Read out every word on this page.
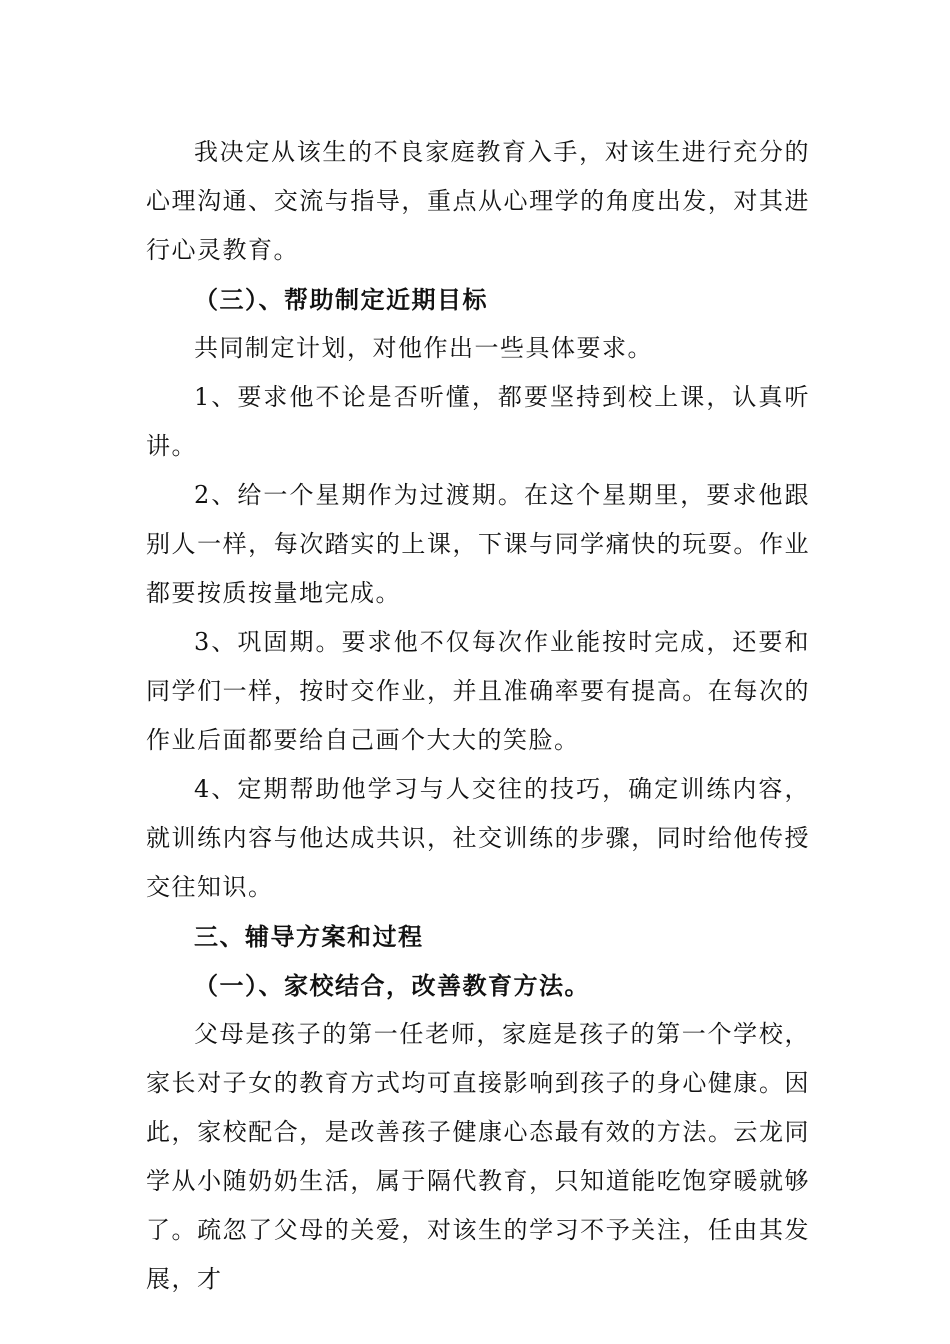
我决定从该生的不良家庭教育入手，对该生进行充分的心理沟通、交流与指导，重点从心理学的角度出发，对其进行心灵教育。

（三）、帮助制定近期目标

共同制定计划，对他作出一些具体要求。

1、要求他不论是否听懂，都要坚持到校上课，认真听讲。

2、给一个星期作为过渡期。在这个星期里，要求他跟别人一样，每次踏实的上课，下课与同学痛快的玩耍。作业都要按质按量地完成。

3、巩固期。要求他不仅每次作业能按时完成，还要和同学们一样，按时交作业，并且准确率要有提高。在每次的作业后面都要给自己画个大大的笑脸。

4、定期帮助他学习与人交往的技巧，确定训练内容，就训练内容与他达成共识，社交训练的步骤，同时给他传授交往知识。

三、辅导方案和过程

（一）、家校结合，改善教育方法。

父母是孩子的第一任老师，家庭是孩子的第一个学校，家长对子女的教育方式均可直接影响到孩子的身心健康。因此，家校配合，是改善孩子健康心态最有效的方法。云龙同学从小随奶奶生活，属于隔代教育，只知道能吃饱穿暖就够了。疏忽了父母的关爱，对该生的学习不予关注，任由其发展，才
